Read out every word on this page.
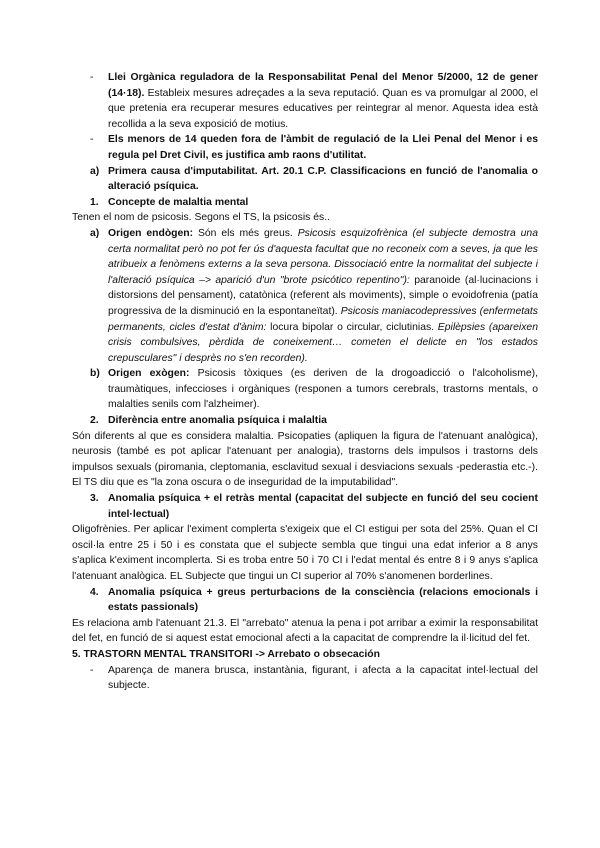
- Llei Orgànica reguladora de la Responsabilitat Penal del Menor 5/2000, 12 de gener (14·18). Estableix mesures adreçades a la seva reputació. Quan es va promulgar al 2000, el que pretenia era recuperar mesures educatives per reintegrar al menor. Aquesta idea està recollida a la seva exposició de motius.
- Els menors de 14 queden fora de l'àmbit de regulació de la Llei Penal del Menor i es regula pel Dret Civil, es justifica amb raons d'utilitat.
a) Primera causa d'imputabilitat. Art. 20.1 C.P. Classificacions en funció de l'anomalia o alteració psíquica.
1. Concepte de malaltia mental

Tenen el nom de psicosis. Segons el TS, la psicosis és..

a) Origen endògen: Són els més greus. Psicosis esquizofrènica (el subjecte demostra una certa normalitat però no pot fer ús d'aquesta facultat que no reconeix com a seves, ja que les atribueix a fenòmens externs a la seva persona. Dissociació entre la normalitat del subjecte i l'alteració psíquica –> aparició d'un "brote psicótico repentino"): paranoide (al·lucinacions i distorsions del pensament), catatònica (referent als moviments), simple o evoidofrenia (patía progressiva de la disminució en la espontaneïtat). Psicosis maniacodepressives (enfermetats permanents, cicles d'estat d'ànim: locura bipolar o circular, ciclutinias. Epilèpsies (apareixen crisis combulsives, pèrdida de coneixement… cometen el delicte en "los estados crepusculares" i desprès no s'en recorden).
b) Origen exògen: Psicosis tòxiques (es deriven de la drogoadicció o l'alcoholisme), traumàtiques, infeccioses i orgàniques (responen a tumors cerebrals, trastorns mentals, o malalties senils com l'alzheimer).
2. Diferència entre anomalia psíquica i malaltia

Són diferents al que es considera malaltia. Psicopaties (apliquen la figura de l'atenuant analògica), neurosis (també es pot aplicar l'atenuant per analogia), trastorns dels impulsos i trastorns dels impulsos sexuals (piromania, cleptomania, esclavitud sexual i desviacions sexuals -pederastia etc.-). El TS diu que es "la zona oscura o de inseguridad de la imputabilidad".

3. Anomalia psíquica + el retràs mental (capacitat del subjecte en funció del seu cocient intel·lectual)

Oligofrènies. Per aplicar l'eximent complerta s'exigeix que el CI estigui per sota del 25%. Quan el CI oscil·la entre 25 i 50 i es constata que el subjecte sembla que tingui una edat inferior a 8 anys s'aplica k'eximent incomplerta. Si es troba entre 50 i 70 CI i l'edat mental és entre 8 i 9 anys s'aplica l'atenuant analògica. EL Subjecte que tingui un CI superior al 70% s'anomenen borderlines.

4. Anomalia psíquica + greus perturbacions de la consciència (relacions emocionals i estats passionals)

Es relaciona amb l'atenuant 21.3. El "arrebato" atenua la pena i pot arribar a eximir la responsabilitat del fet, en funció de si aquest estat emocional afecti a la capacitat de comprendre la il·licitud del fet.

5. TRASTORN MENTAL TRANSITORI -> Arrebato o obsecación

- Aparença de manera brusca, instantània, figurant, i afecta a la capacitat intel·lectual del subjecte.
